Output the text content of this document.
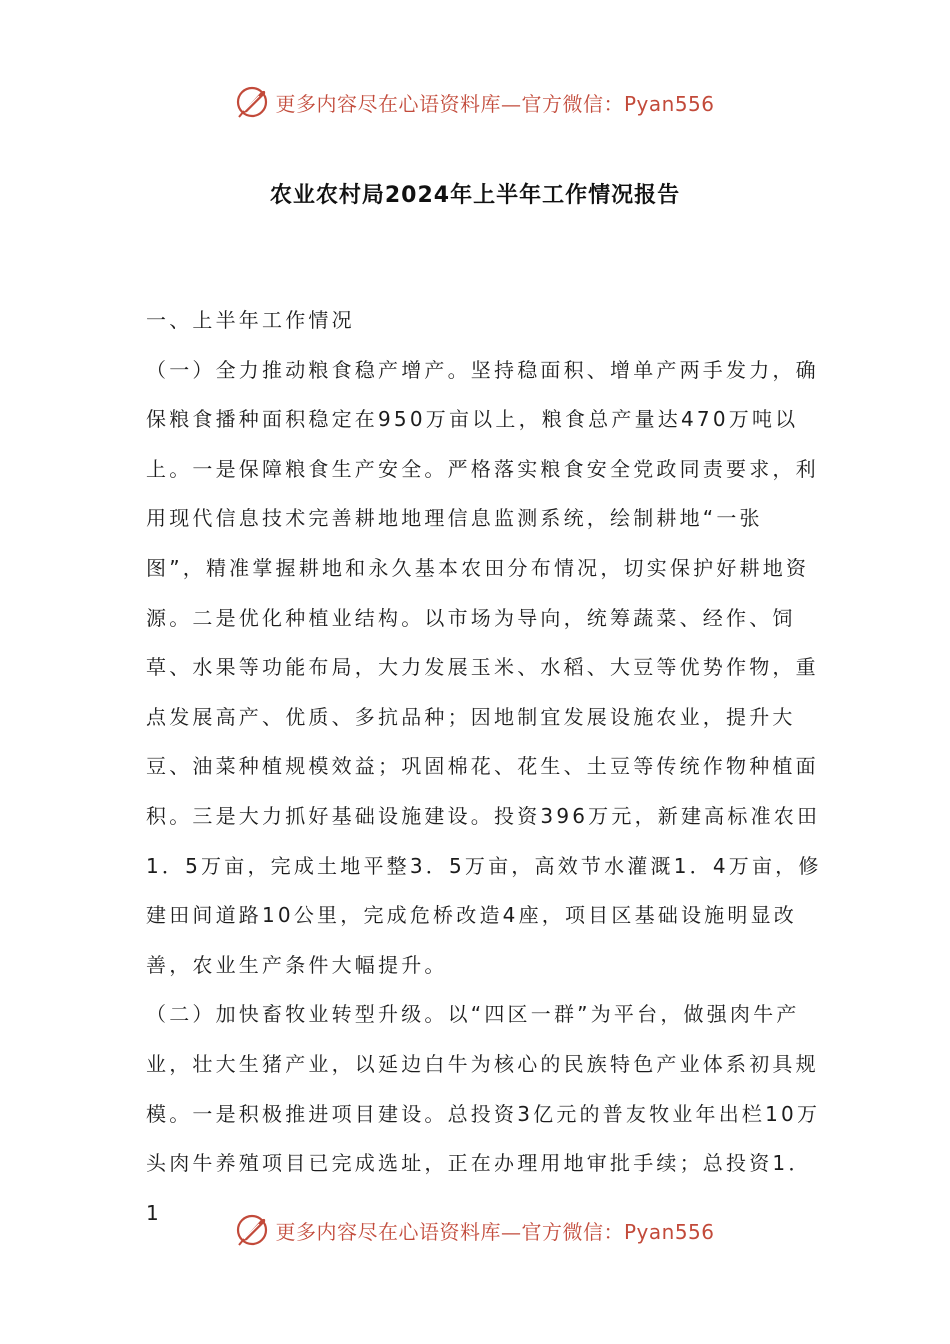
更多内容尽在心语资料库—官方微信：Pyan556
农业农村局2024年上半年工作情况报告

一、上半年工作情况

（一）全力推动粮食稳产增产。坚持稳面积、增单产两手发力，确保粮食播种面积稳定在950万亩以上，粮食总产量达470万吨以上。一是保障粮食生产安全。严格落实粮食安全党政同责要求，利用现代信息技术完善耕地地理信息监测系统，绘制耕地“一张图”，精准掌握耕地和永久基本农田分布情况，切实保护好耕地资源。二是优化种植业结构。以市场为导向，统筹蔬菜、经作、饲草、水果等功能布局，大力发展玉米、水稻、大豆等优势作物，重点发展高产、优质、多抗品种；因地制宜发展设施农业，提升大豆、油菜种植规模效益；巩固棉花、花生、土豆等传统作物种植面积。三是大力抓好基础设施建设。投资396万元，新建高标准农田1．5万亩，完成土地平整3．5万亩，高效节水灌溉1．4万亩，修建田间道路10公里，完成危桥改造4座，项目区基础设施明显改善，农业生产条件大幅提升。

（二）加快畜牧业转型升级。以“四区一群”为平台，做强肉牛产业，壮大生猪产业，以延边白牛为核心的民族特色产业体系初具规模。一是积极推进项目建设。总投资3亿元的普友牧业年出栏10万头肉牛养殖项目已完成选址，正在办理用地审批手续；总投资1．1

更多内容尽在心语资料库—官方微信：Pyan556
